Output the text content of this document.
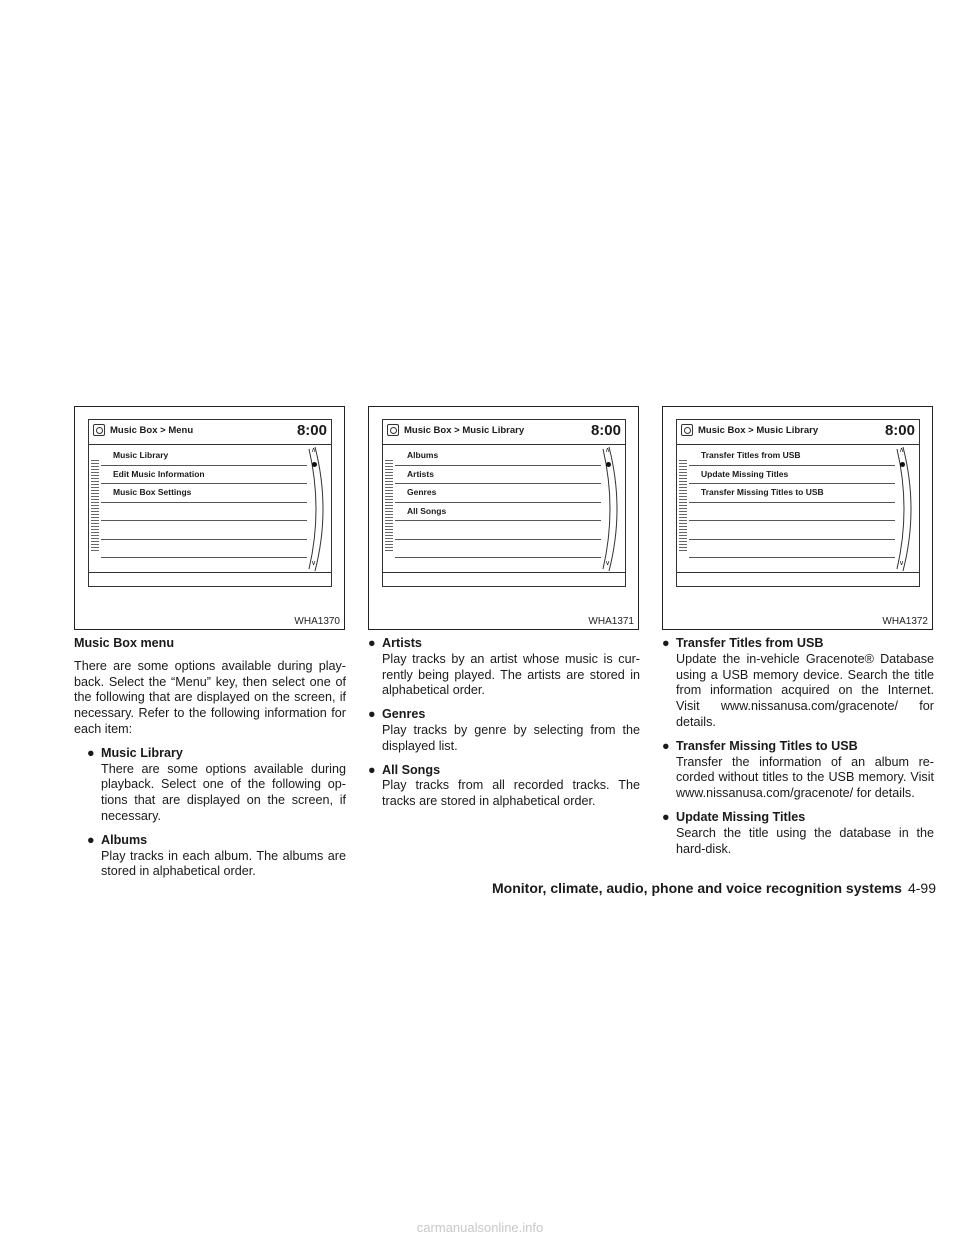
Music Box > Menu	8:00
Music Library
Edit Music Information
Music Box Settings
∧
∨
WHA1370
Music Box > Music Library	8:00
Albums
Artists
Genres
All Songs
∧
∨
WHA1371
Music Box > Music Library	8:00
Transfer Titles from USB
Update Missing Titles
Transfer Missing Titles to USB
∧
∨
WHA1372
Music Box menu

There are some options available during play-back. Select the “Menu” key, then select one of the following that are displayed on the screen, if necessary. Refer to the following information for each item:

● Music Library
There are some options available during playback. Select one of the following op-tions that are displayed on the screen, if necessary.
● Albums
Play tracks in each album. The albums are stored in alphabetical order.
● Artists
Play tracks by an artist whose music is cur-rently being played. The artists are stored in alphabetical order.
● Genres
Play tracks by genre by selecting from the displayed list.
● All Songs
Play tracks from all recorded tracks. The tracks are stored in alphabetical order.
● Transfer Titles from USB
Update the in-vehicle Gracenote® Database using a USB memory device. Search the title from information acquired on the Internet. Visit www.nissanusa.com/gracenote/ for details.
● Transfer Missing Titles to USB
Transfer the information of an album re-corded without titles to the USB memory. Visit www.nissanusa.com/gracenote/ for details.
● Update Missing Titles
Search the title using the database in the hard-disk.
Monitor, climate, audio, phone and voice recognition systems 4-99
carmanualsonline.info
